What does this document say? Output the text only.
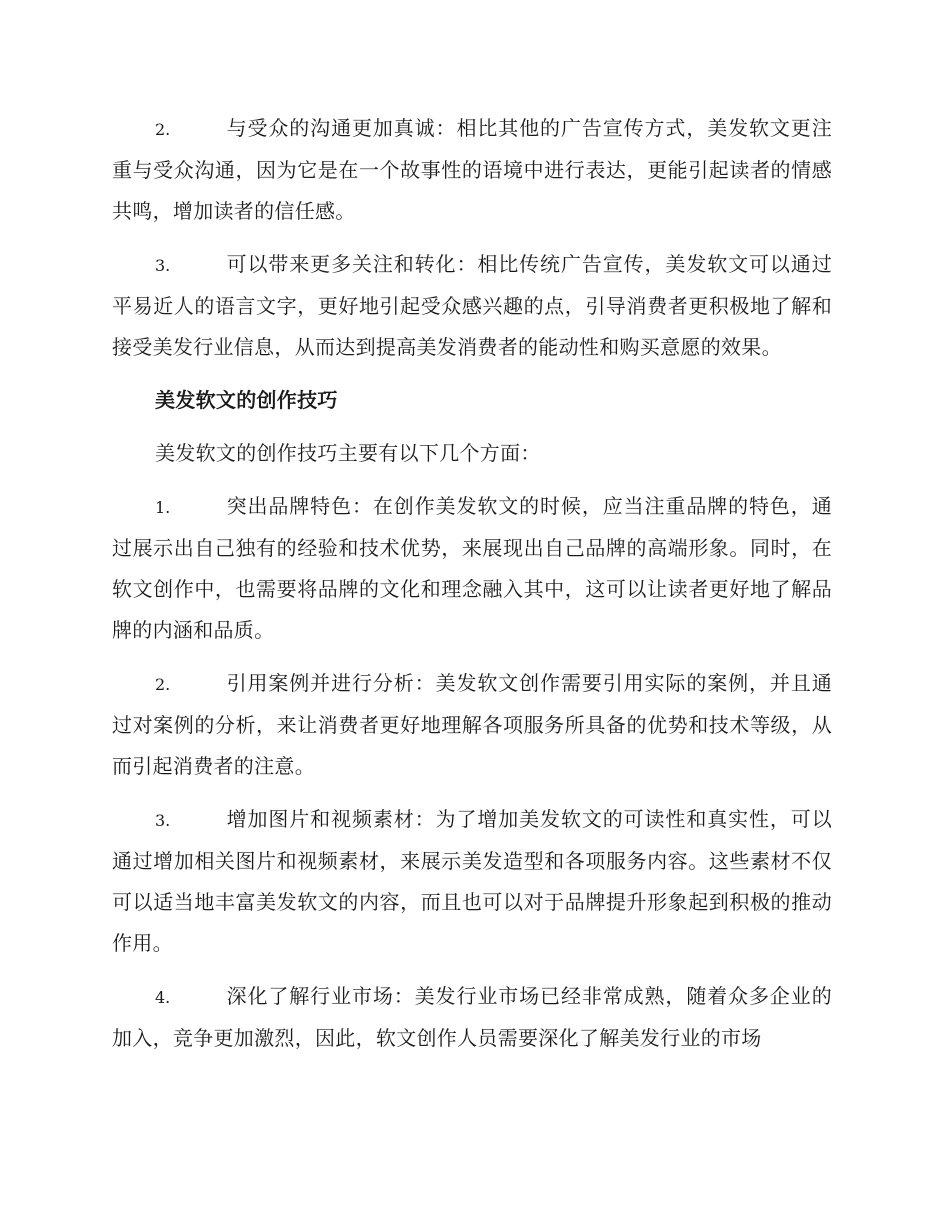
2.	与受众的沟通更加真诚：相比其他的广告宣传方式，美发软文更注重与受众沟通，因为它是在一个故事性的语境中进行表达，更能引起读者的情感共鸣，增加读者的信任感。

3.	可以带来更多关注和转化：相比传统广告宣传，美发软文可以通过平易近人的语言文字，更好地引起受众感兴趣的点，引导消费者更积极地了解和接受美发行业信息，从而达到提高美发消费者的能动性和购买意愿的效果。

美发软文的创作技巧

美发软文的创作技巧主要有以下几个方面：

1.	突出品牌特色：在创作美发软文的时候，应当注重品牌的特色，通过展示出自己独有的经验和技术优势，来展现出自己品牌的高端形象。同时，在软文创作中，也需要将品牌的文化和理念融入其中，这可以让读者更好地了解品牌的内涵和品质。

2.	引用案例并进行分析：美发软文创作需要引用实际的案例，并且通过对案例的分析，来让消费者更好地理解各项服务所具备的优势和技术等级，从而引起消费者的注意。

3.	增加图片和视频素材：为了增加美发软文的可读性和真实性，可以通过增加相关图片和视频素材，来展示美发造型和各项服务内容。这些素材不仅可以适当地丰富美发软文的内容，而且也可以对于品牌提升形象起到积极的推动作用。

4.	深化了解行业市场：美发行业市场已经非常成熟，随着众多企业的加入，竞争更加激烈，因此，软文创作人员需要深化了解美发行业的市场
